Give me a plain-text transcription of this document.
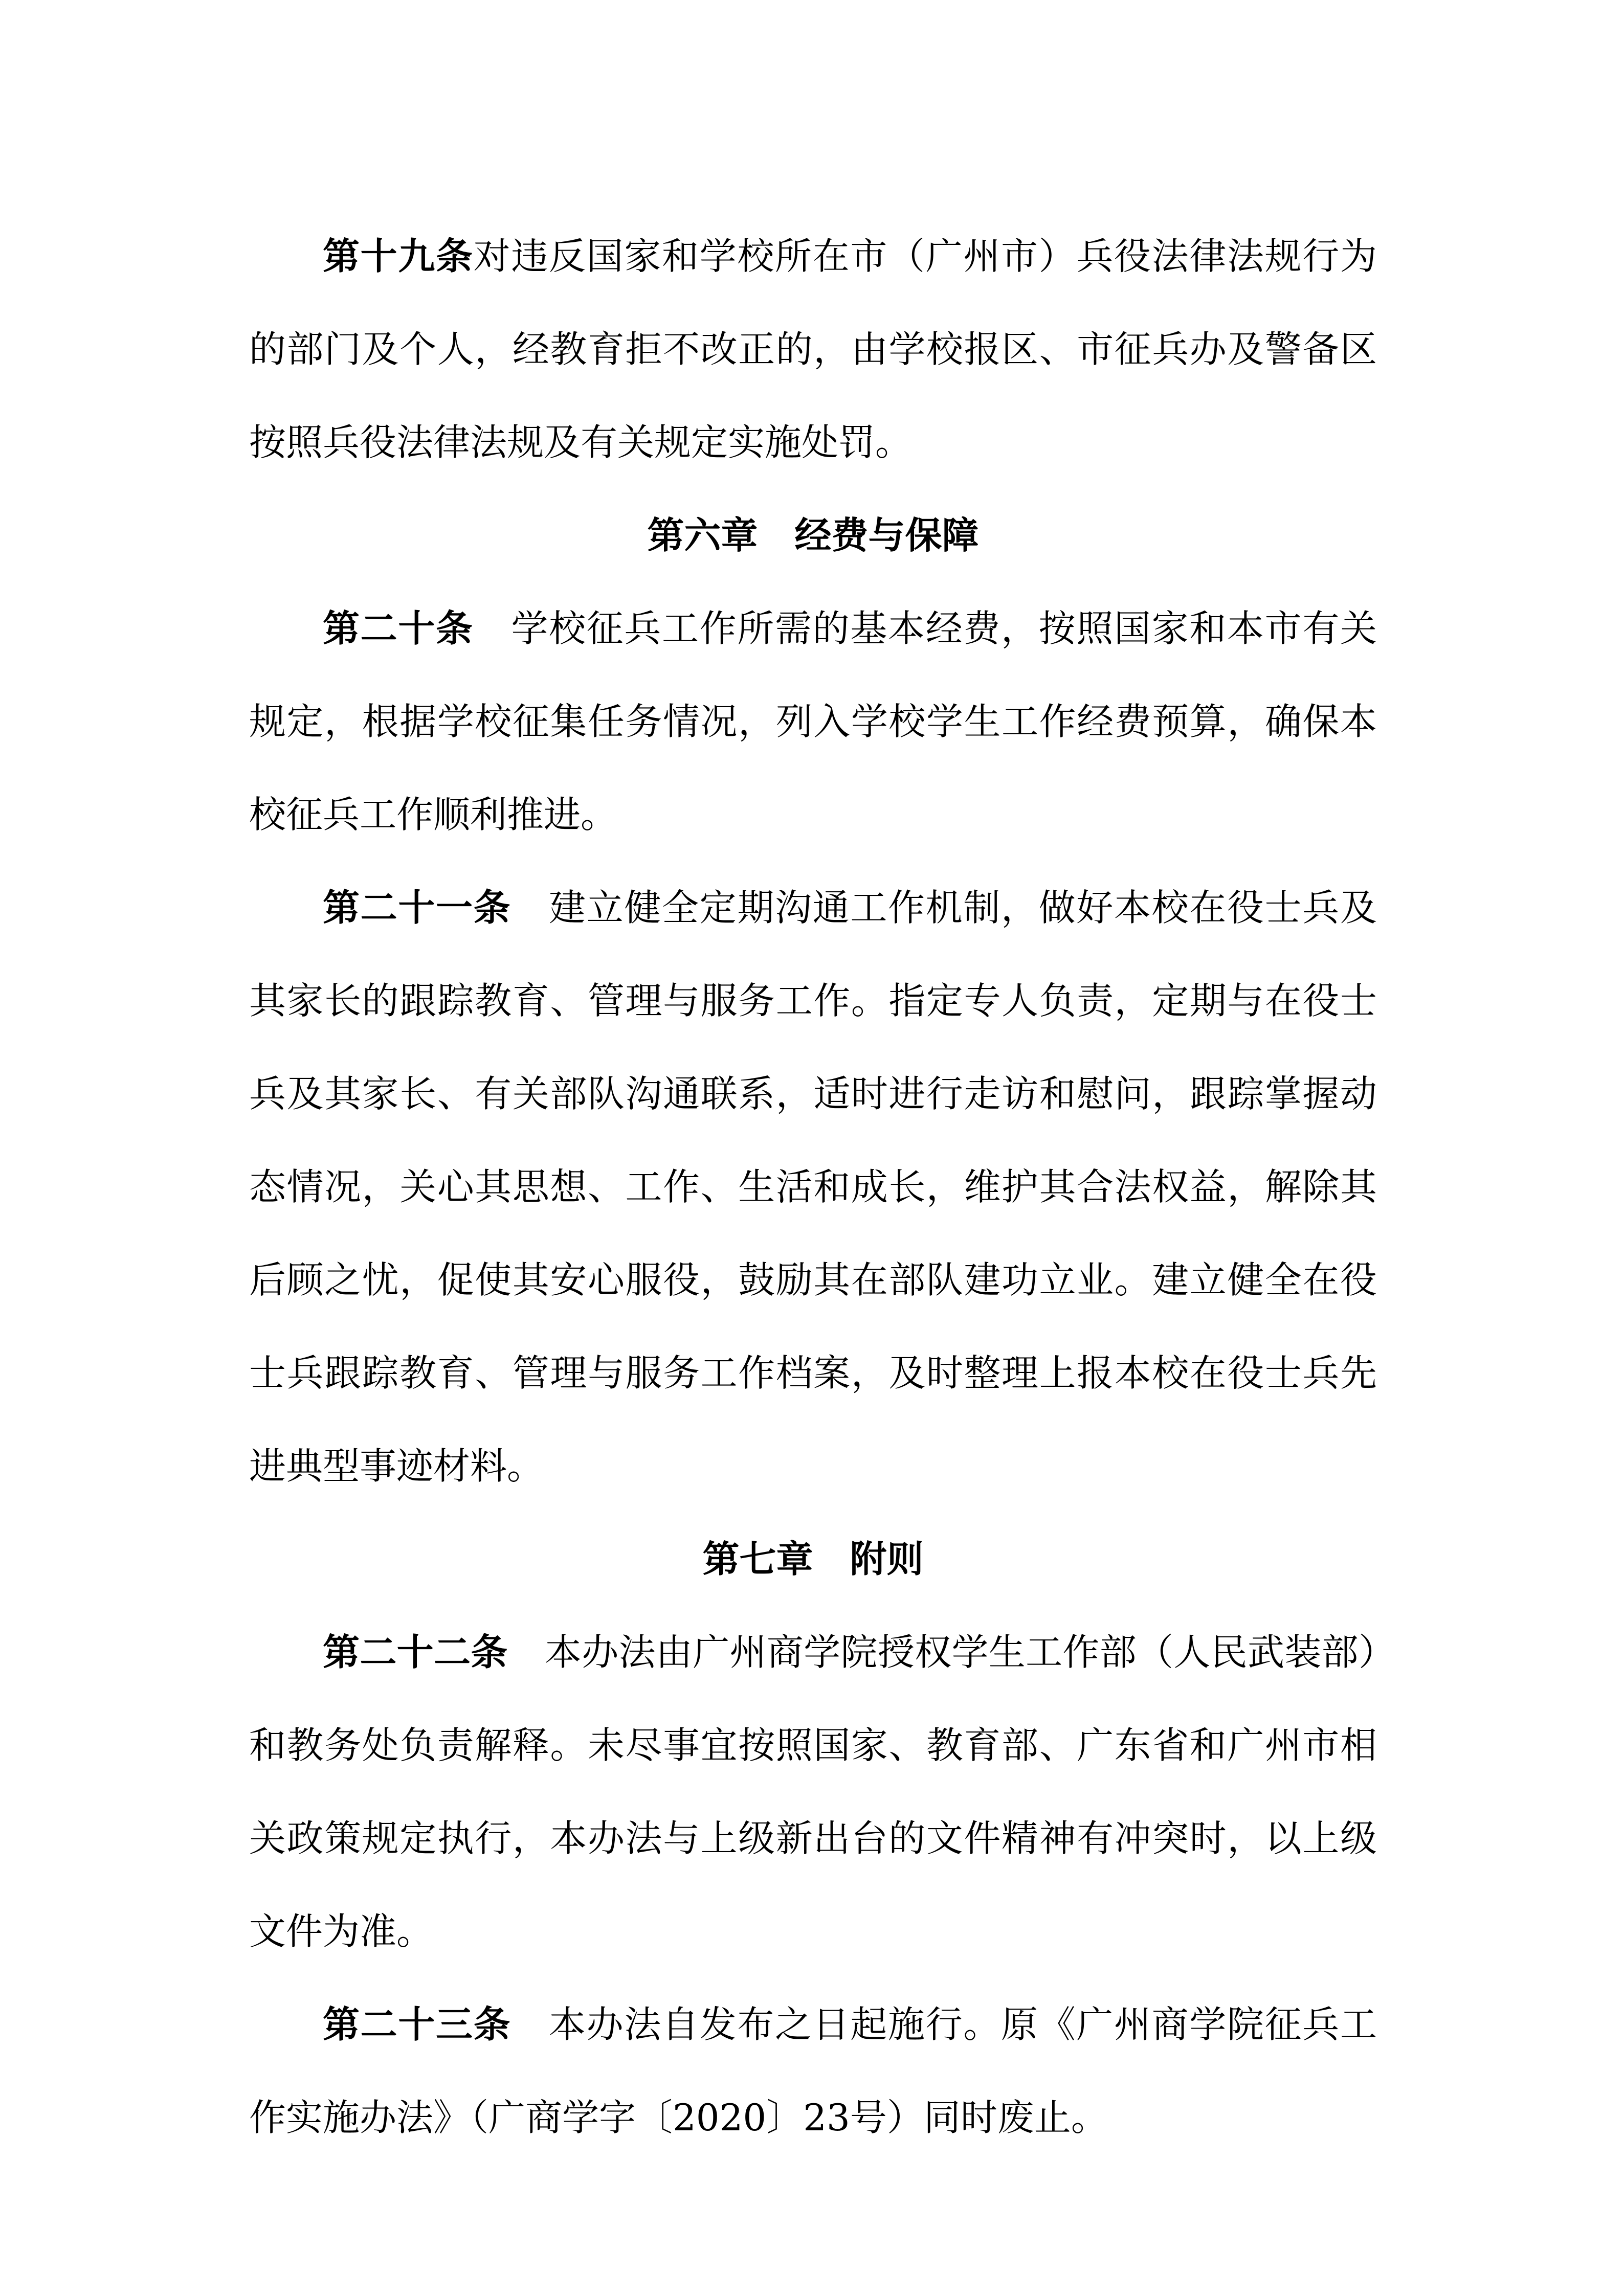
第十九条对违反国家和学校所在市（广州市）兵役法律法规行为的部门及个人，经教育拒不改正的，由学校报区、市征兵办及警备区按照兵役法律法规及有关规定实施处罚。

第六章 经费与保障

第二十条 学校征兵工作所需的基本经费，按照国家和本市有关规定，根据学校征集任务情况，列入学校学生工作经费预算，确保本校征兵工作顺利推进。

第二十一条 建立健全定期沟通工作机制，做好本校在役士兵及其家长的跟踪教育、管理与服务工作。指定专人负责，定期与在役士兵及其家长、有关部队沟通联系，适时进行走访和慰问，跟踪掌握动态情况，关心其思想、工作、生活和成长，维护其合法权益，解除其后顾之忧，促使其安心服役，鼓励其在部队建功立业。建立健全在役士兵跟踪教育、管理与服务工作档案，及时整理上报本校在役士兵先进典型事迹材料。

第七章 附则

第二十二条 本办法由广州商学院授权学生工作部（人民武装部）和教务处负责解释。未尽事宜按照国家、教育部、广东省和广州市相关政策规定执行，本办法与上级新出台的文件精神有冲突时，以上级文件为准。

第二十三条 本办法自发布之日起施行。原《广州商学院征兵工作实施办法》（广商学字〔2020〕23号）同时废止。
